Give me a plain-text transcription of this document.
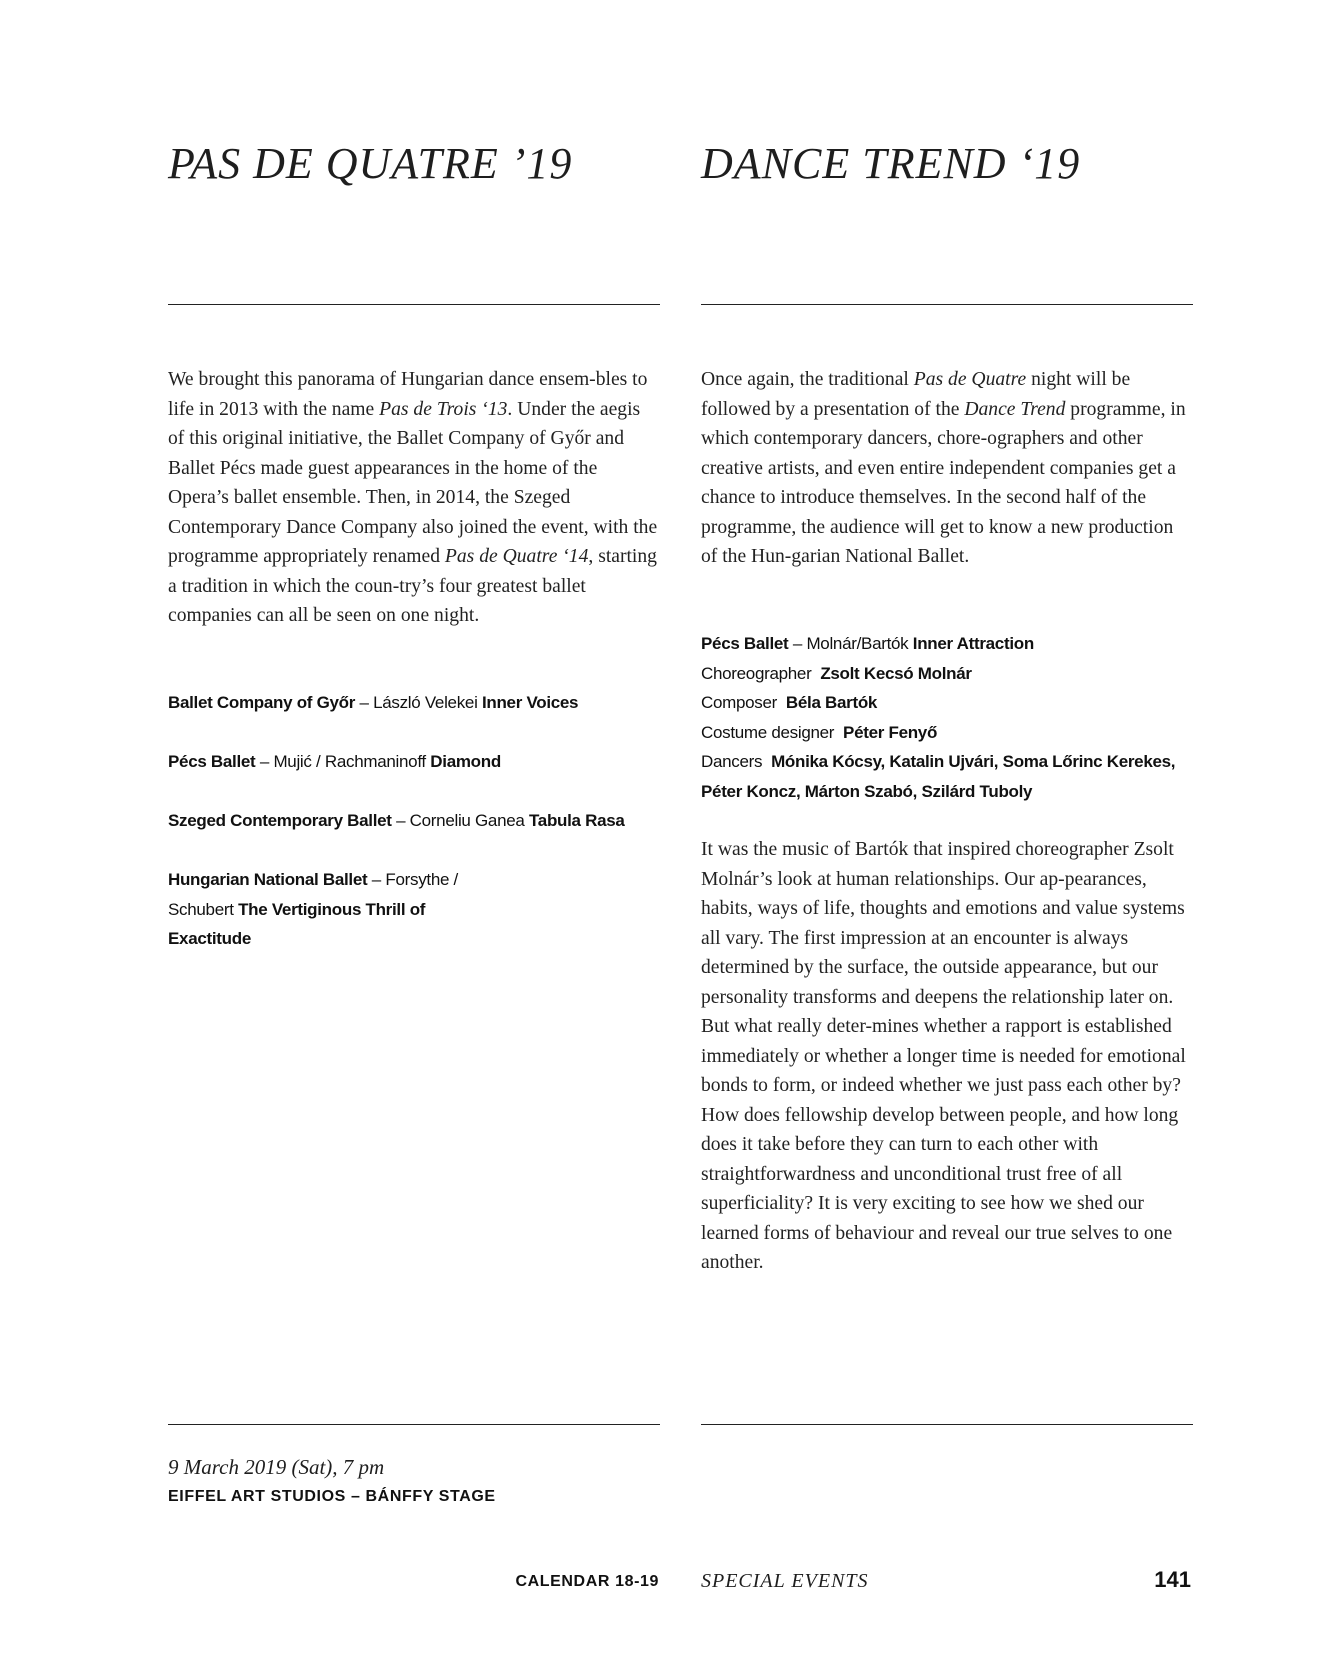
PAS DE QUATRE ’19	DANCE TREND ‘19

We brought this panorama of Hungarian dance ensem-bles to life in 2013 with the name Pas de Trois ‘13. Under the aegis of this original initiative, the Ballet Company of Győr and Ballet Pécs made guest appearances in the home of the Opera’s ballet ensemble. Then, in 2014, the Szeged Contemporary Dance Company also joined the event, with the programme appropriately renamed Pas de Quatre ‘14, starting a tradition in which the coun-try’s four greatest ballet companies can all be seen on one night.

Ballet Company of Győr – László Velekei Inner Voices
Pécs Ballet – Mujić / Rachmaninoff Diamond
Szeged Contemporary Ballet – Corneliu Ganea Tabula Rasa
Hungarian National Ballet – Forsythe / Schubert The Vertiginous Thrill of Exactitude

Once again, the traditional Pas de Quatre night will be followed by a presentation of the Dance Trend programme, in which contemporary dancers, chore-ographers and other creative artists, and even entire independent companies get a chance to introduce themselves. In the second half of the programme, the audience will get to know a new production of the Hun-garian National Ballet.

Pécs Ballet – Molnár/Bartók Inner Attraction
Choreographer Zsolt Kecsó Molnár
Composer Béla Bartók
Costume designer Péter Fenyő
Dancers Mónika Kócsy, Katalin Ujvári, Soma Lőrinc Kerekes,
Péter Koncz, Márton Szabó, Szilárd Tuboly
It was the music of Bartók that inspired choreographer Zsolt Molnár’s look at human relationships. Our ap-pearances, habits, ways of life, thoughts and emotions and value systems all vary. The first impression at an encounter is always determined by the surface, the outside appearance, but our personality transforms and deepens the relationship later on. But what really deter-mines whether a rapport is established immediately or whether a longer time is needed for emotional bonds to form, or indeed whether we just pass each other by? How does fellowship develop between people, and how long does it take before they can turn to each other with straightforwardness and unconditional trust free of all superficiality? It is very exciting to see how we shed our learned forms of behaviour and reveal our true selves to one another.
9 March 2019 (Sat), 7 pm
EIFFEL ART STUDIOS – BÁNFFY STAGE
CALENDAR 18-19 SPECIAL EVENTS	141
